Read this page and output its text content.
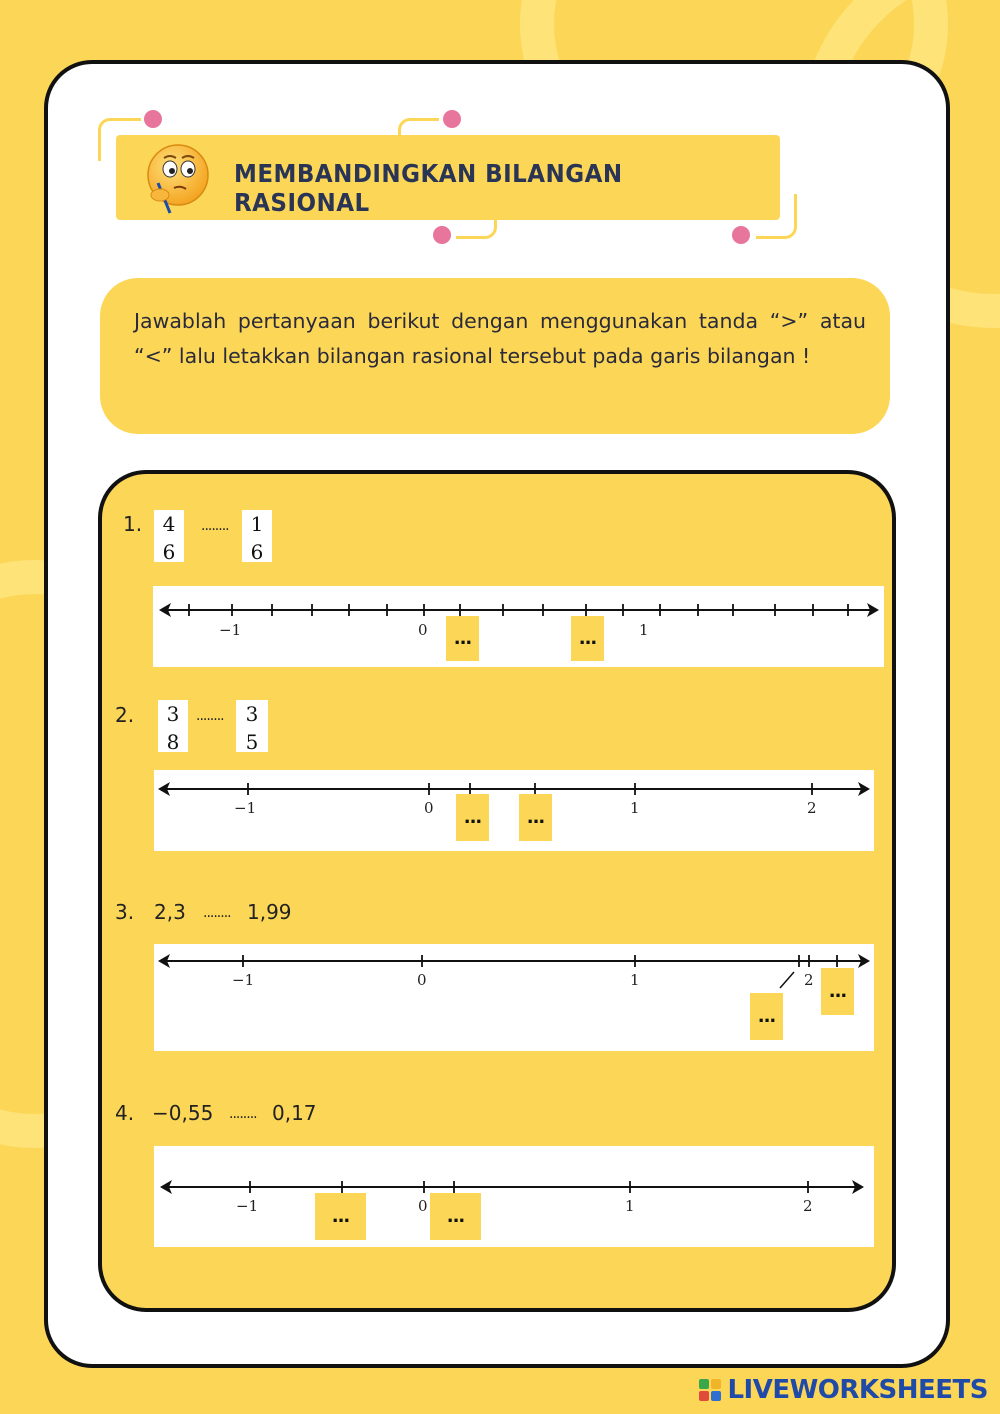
MEMBANDINGKAN BILANGAN RASIONAL
Jawablah pertanyaan berikut dengan menggunakan tanda “>” atau “<” lalu letakkan bilangan rasional tersebut pada garis bilangan !
1. 4
6
........ 1
6
−1	0	1
...	...
2. 3
8
........ 3
5
−1	0	1	2
...	...
3. 2,3 ........ 1,99
−1	0	1	2
...
...
4. −0,55 ........ 0,17
−1	0	1	2
...	...
LIVEWORKSHEETS
